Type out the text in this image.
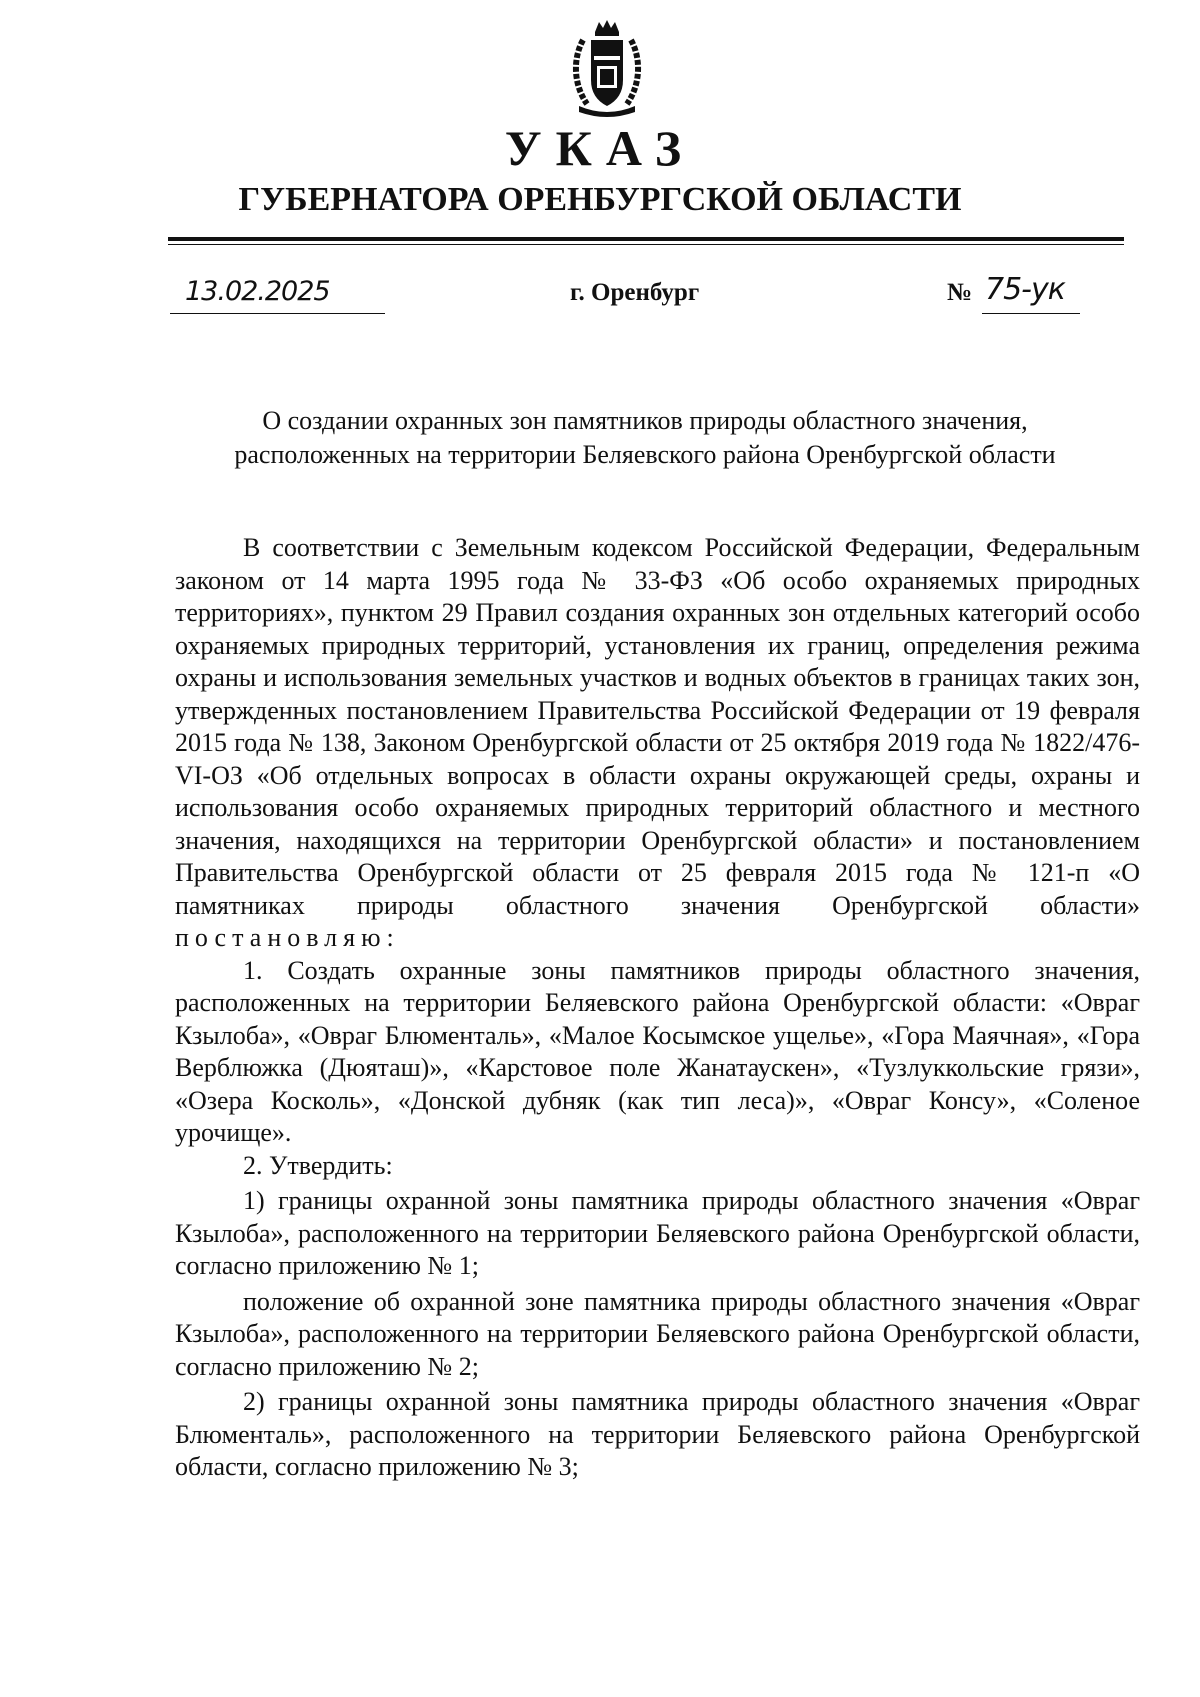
УКАЗ
ГУБЕРНАТОРА ОРЕНБУРГСКОЙ ОБЛАСТИ
13.02.2025	г. Оренбург	№ 75-ук
О создании охранных зон памятников природы областного значения,
расположенных на территории Беляевского района Оренбургской области

В соответствии с Земельным кодексом Российской Федерации, Федеральным законом от 14 марта 1995 года № 33-ФЗ «Об особо охраняемых природных территориях», пунктом 29 Правил создания охранных зон отдельных категорий особо охраняемых природных территорий, установления их границ, определения режима охраны и использования земельных участков и водных объектов в границах таких зон, утвержденных постановлением Правительства Российской Федерации от 19 февраля 2015 года № 138, Законом Оренбургской области от 25 октября 2019 года № 1822/476-VI-ОЗ «Об отдельных вопросах в области охраны окружающей среды, охраны и использования особо охраняемых природных территорий областного и местного значения, находящихся на территории Оренбургской области» и постановлением Правительства Оренбургской области от 25 февраля 2015 года № 121-п «О памятниках природы областного значения Оренбургской области» постановляю:

1. Создать охранные зоны памятников природы областного значения, расположенных на территории Беляевского района Оренбургской области: «Овраг Кзылоба», «Овраг Блюменталь», «Малое Косымское ущелье», «Гора Маячная», «Гора Верблюжка (Дюяташ)», «Карстовое поле Жанатаускен», «Тузлуккольские грязи», «Озера Косколь», «Донской дубняк (как тип леса)», «Овраг Консу», «Соленое урочище».

2. Утвердить:

1) границы охранной зоны памятника природы областного значения «Овраг Кзылоба», расположенного на территории Беляевского района Оренбургской области, согласно приложению № 1;

положение об охранной зоне памятника природы областного значения «Овраг Кзылоба», расположенного на территории Беляевского района Оренбургской области, согласно приложению № 2;

2) границы охранной зоны памятника природы областного значения «Овраг Блюменталь», расположенного на территории Беляевского района Оренбургской области, согласно приложению № 3;
